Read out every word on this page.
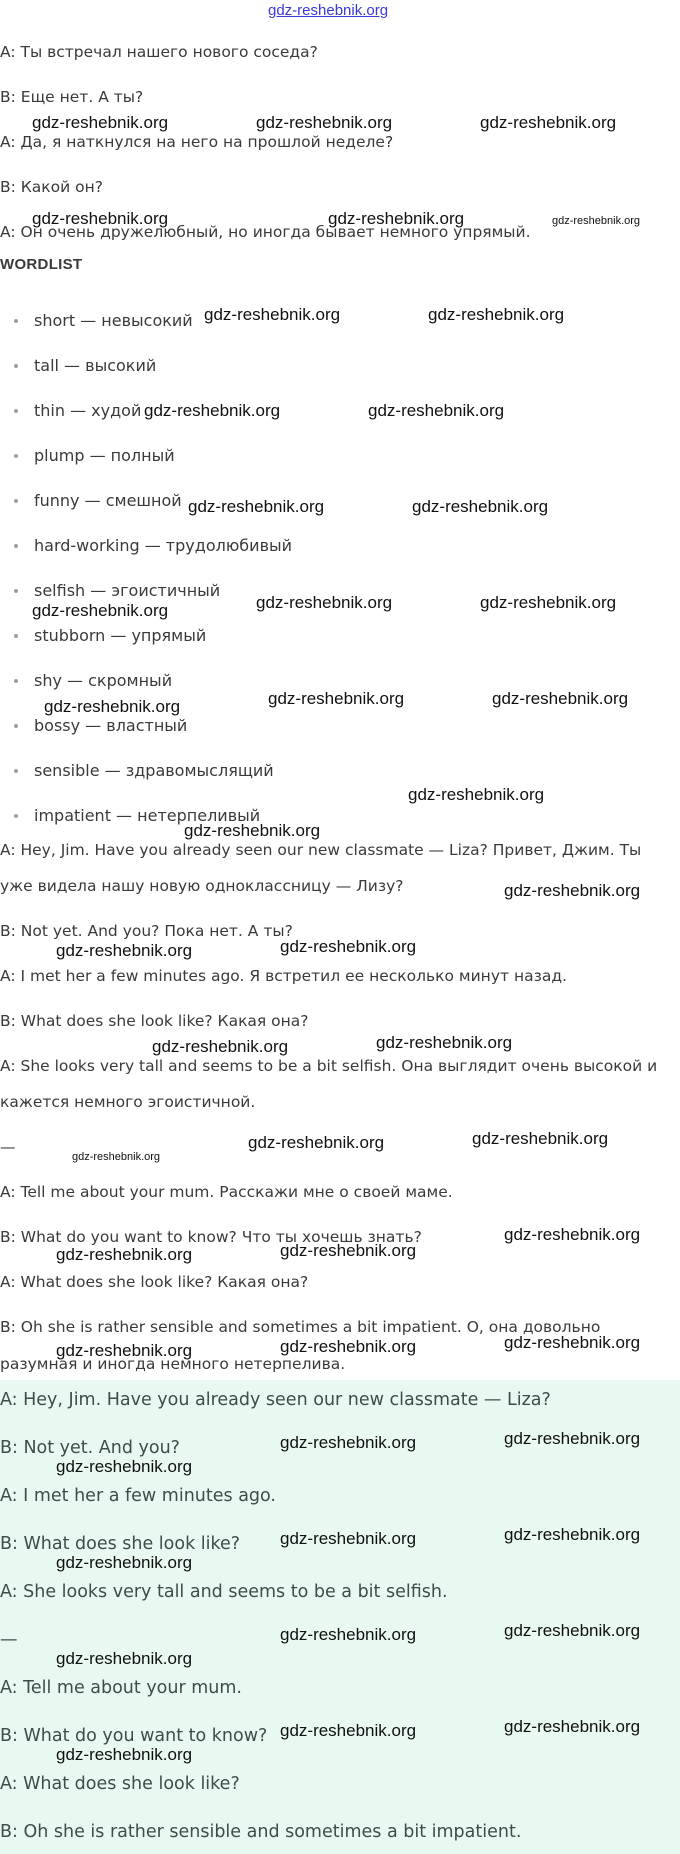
gdz-reshebnik.org
A: Ты встречал нашего нового соседа?
B: Еще нет. А ты?
A: Да, я наткнулся на него на прошлой неделе?
B: Какой он?
A: Он очень дружелюбный, но иногда бывает немного упрямый.
WORDLIST
short — невысокий
tall — высокий
thin — худой
plump — полный
funny — смешной
hard-working — трудолюбивый
selfish — эгоистичный
stubborn — упрямый
shy — скромный
bossy — властный
sensible — здравомыслящий
impatient — нетерпеливый
A: Hey, Jim. Have you already seen our new classmate — Liza? Привет, Джим. Ты
уже видела нашу новую одноклассницу — Лизу?
B: Not yet. And you? Пока нет. А ты?
A: I met her a few minutes ago. Я встретил ее несколько минут назад.
B: What does she look like? Какая она?
A: She looks very tall and seems to be a bit selfish. Она выглядит очень высокой и
кажется немного эгоистичной.
—
A: Tell me about your mum. Расскажи мне о своей маме.
B: What do you want to know? Что ты хочешь знать?
A: What does she look like? Какая она?
B: Oh she is rather sensible and sometimes a bit impatient. О, она довольно
разумная и иногда немного нетерпелива.
A: Hey, Jim. Have you already seen our new classmate — Liza?
B: Not yet. And you?
A: I met her a few minutes ago.
B: What does she look like?
A: She looks very tall and seems to be a bit selfish.
—
A: Tell me about your mum.
B: What do you want to know?
A: What does she look like?
B: Oh she is rather sensible and sometimes a bit impatient.
gdz-reshebnik.org	gdz-reshebnik.org	gdz-reshebnik.org
gdz-reshebnik.org	gdz-reshebnik.org	gdz-reshebnik.org
gdz-reshebnik.org	gdz-reshebnik.org
gdz-reshebnik.org	gdz-reshebnik.org
gdz-reshebnik.org	gdz-reshebnik.org
gdz-reshebnik.org	gdz-reshebnik.org	gdz-reshebnik.org
gdz-reshebnik.org	gdz-reshebnik.org	gdz-reshebnik.org
gdz-reshebnik.org
gdz-reshebnik.org
gdz-reshebnik.org
gdz-reshebnik.org	gdz-reshebnik.org
gdz-reshebnik.org	gdz-reshebnik.org
gdz-reshebnik.org
gdz-reshebnik.org	gdz-reshebnik.org
gdz-reshebnik.org
gdz-reshebnik.org	gdz-reshebnik.org
gdz-reshebnik.org
gdz-reshebnik.org	gdz-reshebnik.org
gdz-reshebnik.org
gdz-reshebnik.org
gdz-reshebnik.org
gdz-reshebnik.org
gdz-reshebnik.org
gdz-reshebnik.org
gdz-reshebnik.org
gdz-reshebnik.org
gdz-reshebnik.org
gdz-reshebnik.org
gdz-reshebnik.org
gdz-reshebnik.org
